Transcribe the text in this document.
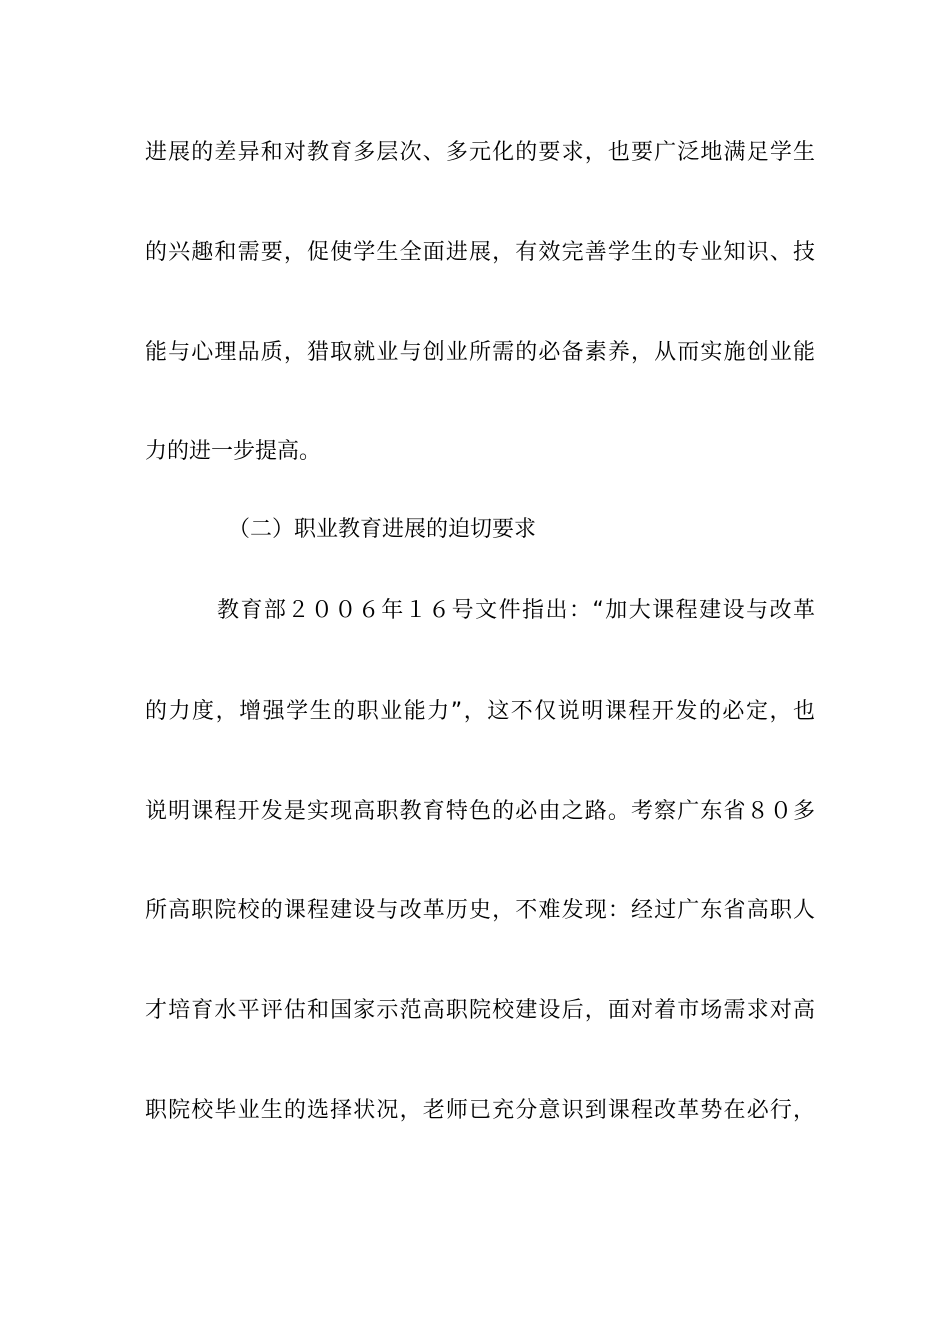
进展的差异和对教育多层次、多元化的要求，也要广泛地满足学生
的兴趣和需要，促使学生全面进展，有效完善学生的专业知识、技
能与心理品质，猎取就业与创业所需的必备素养，从而实施创业能
力的进一步提高。
（二）职业教育进展的迫切要求
教育部２００６年１６号文件指出：“加大课程建设与改革
的力度，增强学生的职业能力”，这不仅说明课程开发的必定，也
说明课程开发是实现高职教育特色的必由之路。考察广东省８０多
所高职院校的课程建设与改革历史，不难发现：经过广东省高职人
才培育水平评估和国家示范高职院校建设后，面对着市场需求对高
职院校毕业生的选择状况，老师已充分意识到课程改革势在必行，
